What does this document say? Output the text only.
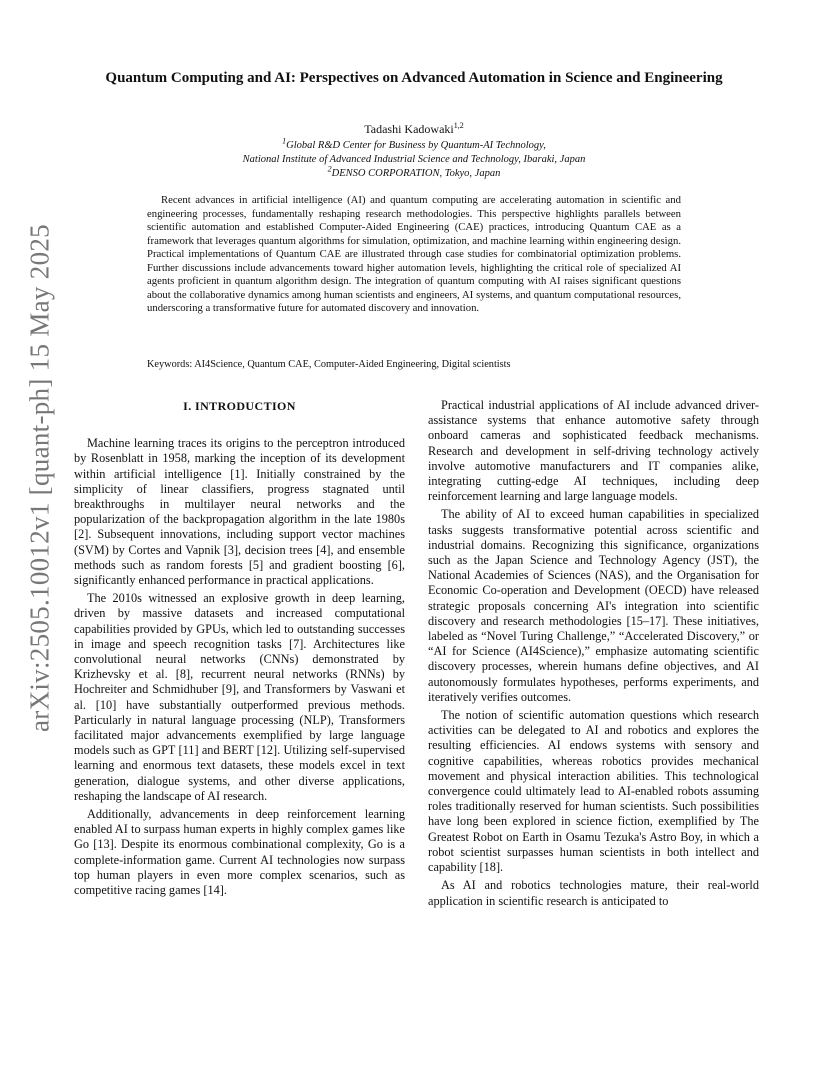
arXiv:2505.10012v1 [quant-ph] 15 May 2025
Quantum Computing and AI: Perspectives on Advanced Automation in Science and Engineering
Tadashi Kadowaki$^{1,2}$
$^1$Global R&D Center for Business by Quantum-AI Technology,
National Institute of Advanced Industrial Science and Technology, Ibaraki, Japan
$^2$DENSO CORPORATION, Tokyo, Japan

Recent advances in artificial intelligence (AI) and quantum computing are accelerating automation in scientific and engineering processes, fundamentally reshaping research methodologies. This perspective highlights parallels between scientific automation and established Computer-Aided Engineering (CAE) practices, introducing Quantum CAE as a framework that leverages quantum algorithms for simulation, optimization, and machine learning within engineering design. Practical implementations of Quantum CAE are illustrated through case studies for combinatorial optimization problems. Further discussions include advancements toward higher automation levels, highlighting the critical role of specialized AI agents proficient in quantum algorithm design. The integration of quantum computing with AI raises significant questions about the collaborative dynamics among human scientists and engineers, AI systems, and quantum computational resources, underscoring a transformative future for automated discovery and innovation.

Keywords: AI4Science, Quantum CAE, Computer-Aided Engineering, Digital scientists

I. INTRODUCTION

Machine learning traces its origins to the perceptron introduced by Rosenblatt in 1958, marking the inception of its development within artificial intelligence [1]. Initially constrained by the simplicity of linear classifiers, progress stagnated until breakthroughs in multilayer neural networks and the popularization of the backpropagation algorithm in the late 1980s [2]. Subsequent innovations, including support vector machines (SVM) by Cortes and Vapnik [3], decision trees [4], and ensemble methods such as random forests [5] and gradient boosting [6], significantly enhanced performance in practical applications.

The 2010s witnessed an explosive growth in deep learning, driven by massive datasets and increased computational capabilities provided by GPUs, which led to outstanding successes in image and speech recognition tasks [7]. Architectures like convolutional neural networks (CNNs) demonstrated by Krizhevsky et al. [8], recurrent neural networks (RNNs) by Hochreiter and Schmidhuber [9], and Transformers by Vaswani et al. [10] have substantially outperformed previous methods. Particularly in natural language processing (NLP), Transformers facilitated major advancements exemplified by large language models such as GPT [11] and BERT [12]. Utilizing self-supervised learning and enormous text datasets, these models excel in text generation, dialogue systems, and other diverse applications, reshaping the landscape of AI research.

Additionally, advancements in deep reinforcement learning enabled AI to surpass human experts in highly complex games like Go [13]. Despite its enormous combinational complexity, Go is a complete-information game. Current AI technologies now surpass top human players in even more complex scenarios, such as competitive racing games [14].

Practical industrial applications of AI include advanced driver-assistance systems that enhance automotive safety through onboard cameras and sophisticated feedback mechanisms. Research and development in self-driving technology actively involve automotive manufacturers and IT companies alike, integrating cutting-edge AI techniques, including deep reinforcement learning and large language models.

The ability of AI to exceed human capabilities in specialized tasks suggests transformative potential across scientific and industrial domains. Recognizing this significance, organizations such as the Japan Science and Technology Agency (JST), the National Academies of Sciences (NAS), and the Organisation for Economic Co-operation and Development (OECD) have released strategic proposals concerning AI's integration into scientific discovery and research methodologies [15–17]. These initiatives, labeled as “Novel Turing Challenge,” “Accelerated Discovery,” or “AI for Science (AI4Science),” emphasize automating scientific discovery processes, wherein humans define objectives, and AI autonomously formulates hypotheses, performs experiments, and iteratively verifies outcomes.

The notion of scientific automation questions which research activities can be delegated to AI and robotics and explores the resulting efficiencies. AI endows systems with sensory and cognitive capabilities, whereas robotics provides mechanical movement and physical interaction abilities. This technological convergence could ultimately lead to AI-enabled robots assuming roles traditionally reserved for human scientists. Such possibilities have long been explored in science fiction, exemplified by The Greatest Robot on Earth in Osamu Tezuka's Astro Boy, in which a robot scientist surpasses human scientists in both intellect and capability [18].

As AI and robotics technologies mature, their real-world application in scientific research is anticipated to
